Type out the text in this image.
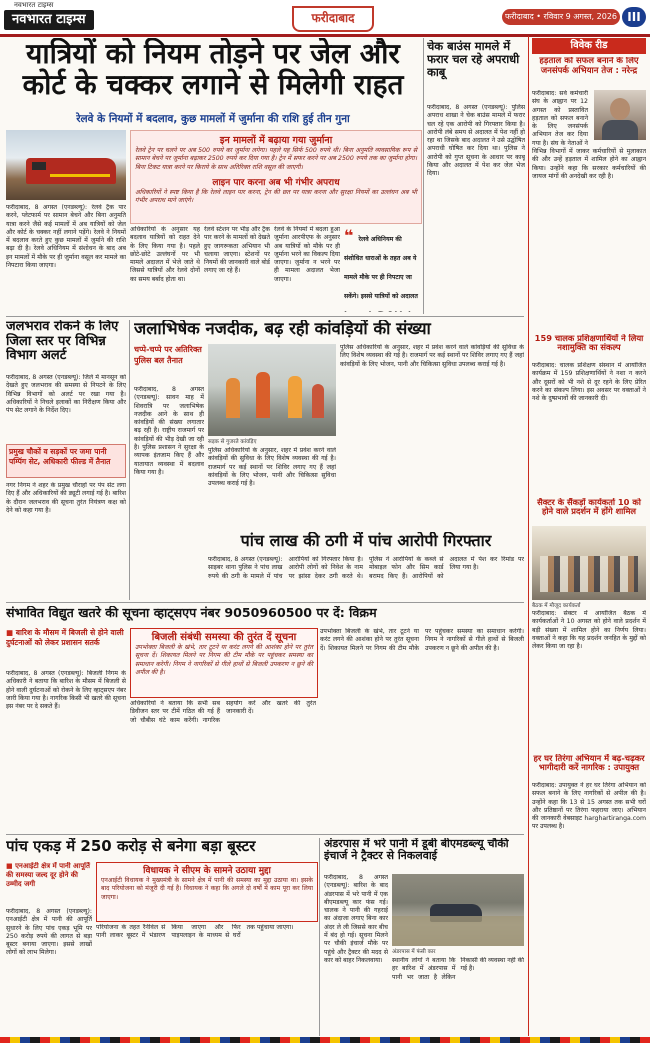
नवभारत टाइम्स
नवभारत टाइम्स	फरीदाबाद	फरीदाबाद • रविवार 9 अगस्त, 2026 III
यात्रियों को नियम तोड़ने पर जेल और
कोर्ट के चक्कर लगाने से मिलेगी राहत
रेलवे के नियमों में बदलाव, कुछ मामलों में जुर्माना की राशि हुई तीन गुना
इन मामलों में बढ़ाया गया जुर्माना
रेलवे ट्रेन पर चलने पर अब 500 रुपये का जुर्माना लगेगा। पहले यह सिर्फ 500 रुपये थी। बिना अनुमति व्यवसायिक रूप से सामान बेचने पर जुर्माना बढ़ाकर 2500 रुपये कर दिया गया है। ट्रेन में सफर करने पर अब 2500 रुपये तक का जुर्माना होगा। बिना टिकट यात्रा करने पर किराये के साथ अतिरिक्त राशि वसूल की जाएगी।
लाइन पार करना अब भी गंभीर अपराध
अधिकारियों ने स्पष्ट किया है कि रेलवे लाइन पार करना, ट्रेन की छत पर यात्रा करना और सुरक्षा नियमों का उल्लंघन अब भी गंभीर अपराध माने जाएंगे।
फरीदाबाद, 8 अगस्त (एनडब्ल्यू): रेलवे ट्रैक पार करने, प्लेटफार्म पर सामान बेचने और बिना अनुमति यात्रा करने जैसे कई मामलों में अब यात्रियों को जेल और कोर्ट के चक्कर नहीं लगाने पड़ेंगे। रेलवे ने नियमों में बदलाव करते हुए कुछ मामलों में जुर्माने की राशि बढ़ा दी है। रेलवे अधिनियम में संशोधन के बाद अब इन मामलों में मौके पर ही जुर्माना वसूल कर मामले का निपटारा किया जाएगा।
अधिकारियों के अनुसार यह बदलाव यात्रियों को राहत देने के लिए किया गया है। पहले छोटे-छोटे उल्लंघनों पर भी मामले अदालत में भेजे जाते थे जिससे यात्रियों और रेलवे दोनों का समय बर्बाद होता था।
रेलवे स्टेशन पर भीड़ और ट्रैक पार करने के मामलों को देखते हुए जागरूकता अभियान भी चलाया जाएगा। स्टेशनों पर नियमों की जानकारी वाले बोर्ड लगाए जा रहे हैं।
रेलवे के नियमों में बदला हुआ जुर्माना आरपीएफ के अनुसार अब यात्रियों को मौके पर ही जुर्माना भरने का विकल्प दिया जाएगा। जुर्माना न भरने पर ही मामला अदालत भेजा जाएगा।
❝ रेलवे अधिनियम की संशोधित धाराओं के तहत अब ये मामले मौके पर ही निपटाए जा सकेंगे। इससे यात्रियों को अदालत
चेक बाउंस मामले में फरार चल रहे अपराधी काबू
फरीदाबाद, 8 अगस्त (एनडब्ल्यू): पुलिस अपराध शाखा ने चेक बाउंस मामले में फरार चल रहे एक आरोपी को गिरफ्तार किया है। आरोपी लंबे समय से अदालत में पेश नहीं हो रहा था जिसके बाद अदालत ने उसे उद्घोषित अपराधी घोषित कर दिया था। पुलिस ने आरोपी को गुप्त सूचना के आधार पर काबू किया और अदालत में पेश कर जेल भेज दिया।
विवेक रीड
हड़ताल को सफल बनाने के लिए जनसंपर्क अभियान तेज : नरेन्द्र
फरीदाबाद: सर्व कर्मचारी संघ के आह्वान पर 12 अगस्त को प्रस्तावित हड़ताल को सफल बनाने के लिए जनसंपर्क अभियान तेज कर दिया गया है। संघ के नेताओं ने विभिन्न विभागों में जाकर कर्मचारियों से मुलाकात की और उन्हें हड़ताल में शामिल होने का आह्वान किया। उन्होंने कहा कि सरकार कर्मचारियों की जायज मांगों की अनदेखी कर रही है।
159 चालक प्रशिक्षणार्थियों ने लिया नशामुक्ति का संकल्प
फरीदाबाद: चालक प्रशिक्षण संस्थान में आयोजित कार्यक्रम में 159 प्रशिक्षणार्थियों ने नशा न करने और दूसरों को भी नशे से दूर रहने के लिए प्रेरित करने का संकल्प लिया। इस अवसर पर वक्ताओं ने नशे के दुष्प्रभावों की जानकारी दी।
सैक्टर के सैंकड़ों कार्यकर्ता 10 को होने वाले प्रदर्शन में होंगे शामिल
बैठक में मौजूद कार्यकर्ता
फरीदाबाद: सेक्टर में आयोजित बैठक में कार्यकर्ताओं ने 10 अगस्त को होने वाले प्रदर्शन में बड़ी संख्या में शामिल होने का निर्णय लिया। वक्ताओं ने कहा कि यह प्रदर्शन जनहित के मुद्दों को लेकर किया जा रहा है।
हर घर तिरंगा अभियान में बढ़-चढ़कर भागीदारी करें नागरिक : उपायुक्त
फरीदाबाद: उपायुक्त ने हर घर तिरंगा अभियान को सफल बनाने के लिए नागरिकों से अपील की है। उन्होंने कहा कि 13 से 15 अगस्त तक सभी घरों और प्रतिष्ठानों पर तिरंगा फहराया जाए। अभियान की जानकारी वेबसाइट harghartiranga.com पर उपलब्ध है।
जलभराव रोकने के लिए जिला स्तर पर विभिन्न विभाग अलर्ट
फरीदाबाद, 8 अगस्त (एनडब्ल्यू): जिले में मानसून को देखते हुए जलभराव की समस्या से निपटने के लिए विभिन्न विभागों को अलर्ट पर रखा गया है। अधिकारियों ने निचले इलाकों का निरीक्षण किया और पंप सेट लगाने के निर्देश दिए।
प्रमुख चौकों व सड़कों पर जमा पानी पम्पिंग सेट, अधिकारी फील्ड में तैनात
नगर निगम ने शहर के प्रमुख चौराहों पर पंप सेट लगा दिए हैं और अधिकारियों की ड्यूटी लगाई गई है। बारिश के दौरान जलभराव की सूचना तुरंत नियंत्रण कक्ष को देने को कहा गया है।
जलाभिषेक नजदीक, बढ़ रही कांवड़ियों की संख्या
चप्पे-चप्पे पर अतिरिक्त पुलिस बल तैनात
फरीदाबाद, 8 अगस्त (एनडब्ल्यू): सावन माह में शिवरात्रि पर जलाभिषेक नजदीक आने के साथ ही कांवड़ियों की संख्या लगातार बढ़ रही है। राष्ट्रीय राजमार्ग पर कांवड़ियों की भीड़ देखी जा रही है। पुलिस प्रशासन ने सुरक्षा के व्यापक इंतजाम किए हैं और यातायात व्यवस्था में बदलाव किया गया है।
सड़क से गुजरते कांवड़िए
पुलिस अधिकारियों के अनुसार, शहर में प्रवेश करने वाले कांवड़ियों की सुविधा के लिए विशेष व्यवस्था की गई है। राजमार्ग पर कई स्थानों पर शिविर लगाए गए हैं जहां कांवड़ियों के लिए भोजन, पानी और चिकित्सा सुविधा उपलब्ध कराई गई है।
पुलिस अधिकारियों के अनुसार, शहर में प्रवेश करने वाले कांवड़ियों की सुविधा के लिए विशेष व्यवस्था की गई है। राजमार्ग पर कई स्थानों पर शिविर लगाए गए हैं जहां कांवड़ियों के लिए भोजन, पानी और चिकित्सा सुविधा उपलब्ध कराई गई है।
पांच लाख की ठगी में पांच आरोपी गिरफ्तार
फरीदाबाद, 8 अगस्त (एनडब्ल्यू): साइबर थाना पुलिस ने पांच लाख रुपये की ठगी के मामले में पांच आरोपियों को गिरफ्तार किया है। आरोपी लोगों को निवेश के नाम पर झांसा देकर ठगी करते थे। पुलिस ने आरोपियों के कब्जे से मोबाइल फोन और सिम कार्ड बरामद किए हैं। आरोपियों को अदालत में पेश कर रिमांड पर लिया गया है।
संभावित विद्युत खतरे की सूचना व्हाट्सएप नंबर 9050960500 पर दें: विक्रम
■ बारिश के मौसम में बिजली से होने वाली दुर्घटनाओं को लेकर प्रशासन सतर्क
फरीदाबाद, 8 अगस्त (एनडब्ल्यू): बिजली निगम के अधिकारी ने बताया कि बारिश के मौसम में बिजली से होने वाली दुर्घटनाओं को रोकने के लिए व्हाट्सएप नंबर जारी किया गया है। नागरिक किसी भी खतरे की सूचना इस नंबर पर दे सकते हैं।
बिजली संबंधी समस्या की तुरंत दें सूचना
उपभोक्ता बिजली के खंभे, तार टूटने या करंट लगने की आशंका होने पर तुरंत सूचना दें। शिकायत मिलने पर निगम की टीम मौके पर पहुंचकर समस्या का समाधान करेगी। निगम ने नागरिकों से गीले हाथों से बिजली उपकरण न छूने की अपील की है।
अधिकारियों ने बताया कि सभी सब डिवीजन स्तर पर टीमें गठित की गई हैं जो चौबीस घंटे काम करेंगी। नागरिक सहयोग करें और खतरे की तुरंत जानकारी दें।
उपभोक्ता बिजली के खंभे, तार टूटने या करंट लगने की आशंका होने पर तुरंत सूचना दें। शिकायत मिलने पर निगम की टीम मौके पर पहुंचकर समस्या का समाधान करेगी। निगम ने नागरिकों से गीले हाथों से बिजली उपकरण न छूने की अपील की है।
पांच एकड़ में 250 करोड़ से बनेगा बड़ा बूस्टर
■ एनआईटी क्षेत्र में पानी आपूर्ति की समस्या जल्द दूर होने की उम्मीद जगी
फरीदाबाद, 8 अगस्त (एनडब्ल्यू): एनआईटी क्षेत्र में पानी की आपूर्ति सुधारने के लिए पांच एकड़ भूमि पर 250 करोड़ रुपये की लागत से बड़ा बूस्टर बनाया जाएगा। इससे लाखों लोगों को लाभ मिलेगा।
विधायक ने सीएम के सामने उठाया मुद्दा
एनआईटी विधायक ने मुख्यमंत्री के सामने क्षेत्र में पानी की समस्या का मुद्दा उठाया था। इसके बाद परियोजना को मंजूरी दी गई है। विधायक ने कहा कि अगले दो वर्षों में काम पूरा कर लिया जाएगा।
परियोजना के तहत रैनीवेल से पानी लाकर बूस्टर में भंडारण किया जाएगा और फिर पाइपलाइन के माध्यम से घरों तक पहुंचाया जाएगा।
अंडरपास में भरे पानी में डूबी बीएमडब्ल्यू चौकी इंचार्ज ने ट्रैक्टर से निकलवाई
फरीदाबाद, 8 अगस्त (एनडब्ल्यू): बारिश के बाद अंडरपास में भरे पानी में एक बीएमडब्ल्यू कार फंस गई। चालक ने पानी की गहराई का अंदाजा लगाए बिना कार अंदर ले ली जिससे कार बीच में बंद हो गई। सूचना मिलने पर चौकी इंचार्ज मौके पर पहुंचे और ट्रैक्टर की मदद से कार को बाहर निकलवाया।
अंडरपास में फंसी कार
स्थानीय लोगों ने बताया कि हर बारिश में अंडरपास में पानी भर जाता है लेकिन निकासी की व्यवस्था नहीं की गई है।
